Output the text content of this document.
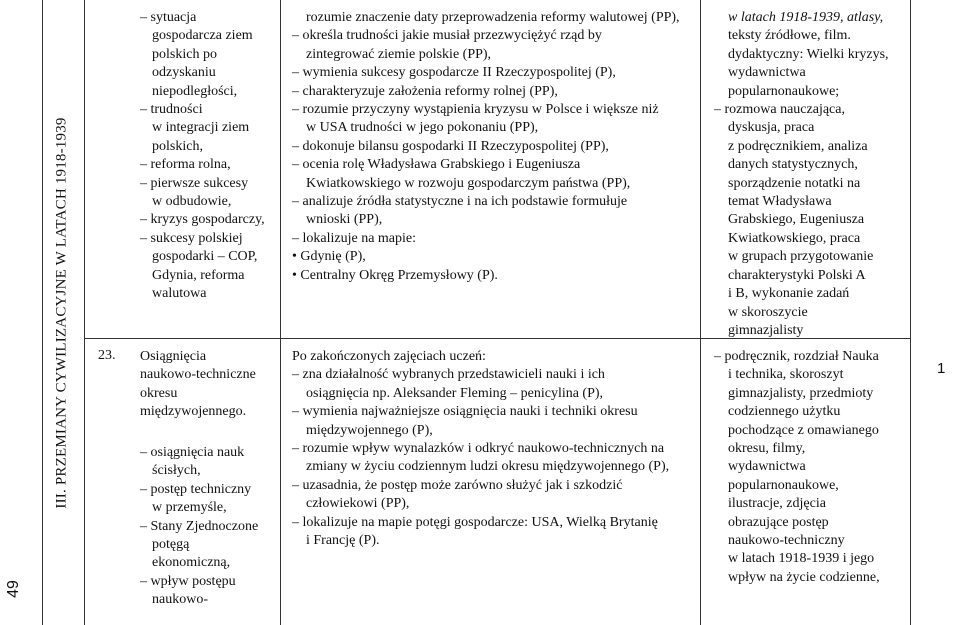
49
III. PRZEMIANY CYWILIZACYJNE W LATACH 1918-1939
– sytuacja
gospodarcza ziem
polskich po
odzyskaniu
niepodległości,
– trudności
w integracji ziem
polskich,
– reforma rolna,
– pierwsze sukcesy
w odbudowie,
– kryzys gospodarczy,
– sukcesy polskiej
gospodarki – COP,
Gdynia, reforma
walutowa
rozumie znaczenie daty przeprowadzenia reformy walutowej (PP),
– określa trudności jakie musiał przezwyciężyć rząd by
zintegrować ziemie polskie (PP),
– wymienia sukcesy gospodarcze II Rzeczypospolitej (P),
– charakteryzuje założenia reformy rolnej (PP),
– rozumie przyczyny wystąpienia kryzysu w Polsce i większe niż
w USA trudności w jego pokonaniu (PP),
– dokonuje bilansu gospodarki II Rzeczypospolitej (PP),
– ocenia rolę Władysława Grabskiego i Eugeniusza
Kwiatkowskiego w rozwoju gospodarczym państwa (PP),
– analizuje źródła statystyczne i na ich podstawie formułuje
wnioski (PP),
– lokalizuje na mapie:
• Gdynię (P),
• Centralny Okręg Przemysłowy (P).
w latach 1918-1939, atlasy,
teksty źródłowe, film.
dydaktyczny: Wielki kryzys,
wydawnictwa
popularnonaukowe;
– rozmowa nauczająca,
dyskusja, praca
z podręcznikiem, analiza
danych statystycznych,
sporządzenie notatki na
temat Władysława
Grabskiego, Eugeniusza
Kwiatkowskiego, praca
w grupach przygotowanie
charakterystyki Polski A
i B, wykonanie zadań
w skoroszycie
gimnazjalisty
23. Osiągnięcia
naukowo-techniczne
okresu
międzywojennego.
– osiągnięcia nauk
ścisłych,
– postęp techniczny
w przemyśle,
– Stany Zjednoczone
potęgą
ekonomiczną,
– wpływ postępu
naukowo-
Po zakończonych zajęciach uczeń:
– zna działalność wybranych przedstawicieli nauki i ich
osiągnięcia np. Aleksander Fleming – penicylina (P),
– wymienia najważniejsze osiągnięcia nauki i techniki okresu
międzywojennego (P),
– rozumie wpływ wynalazków i odkryć naukowo-technicznych na
zmiany w życiu codziennym ludzi okresu międzywojennego (P),
– uzasadnia, że postęp może zarówno służyć jak i szkodzić
człowiekowi (PP),
– lokalizuje na mapie potęgi gospodarcze: USA, Wielką Brytanię
i Francję (P).
– podręcznik, rozdział Nauka
i technika, skoroszyt
gimnazjalisty, przedmioty
codziennego użytku
pochodzące z omawianego
okresu, filmy,
wydawnictwa
popularnonaukowe,
ilustracje, zdjęcia
obrazujące postęp
naukowo-techniczny
w latach 1918-1939 i jego
wpływ na życie codzienne,
1
